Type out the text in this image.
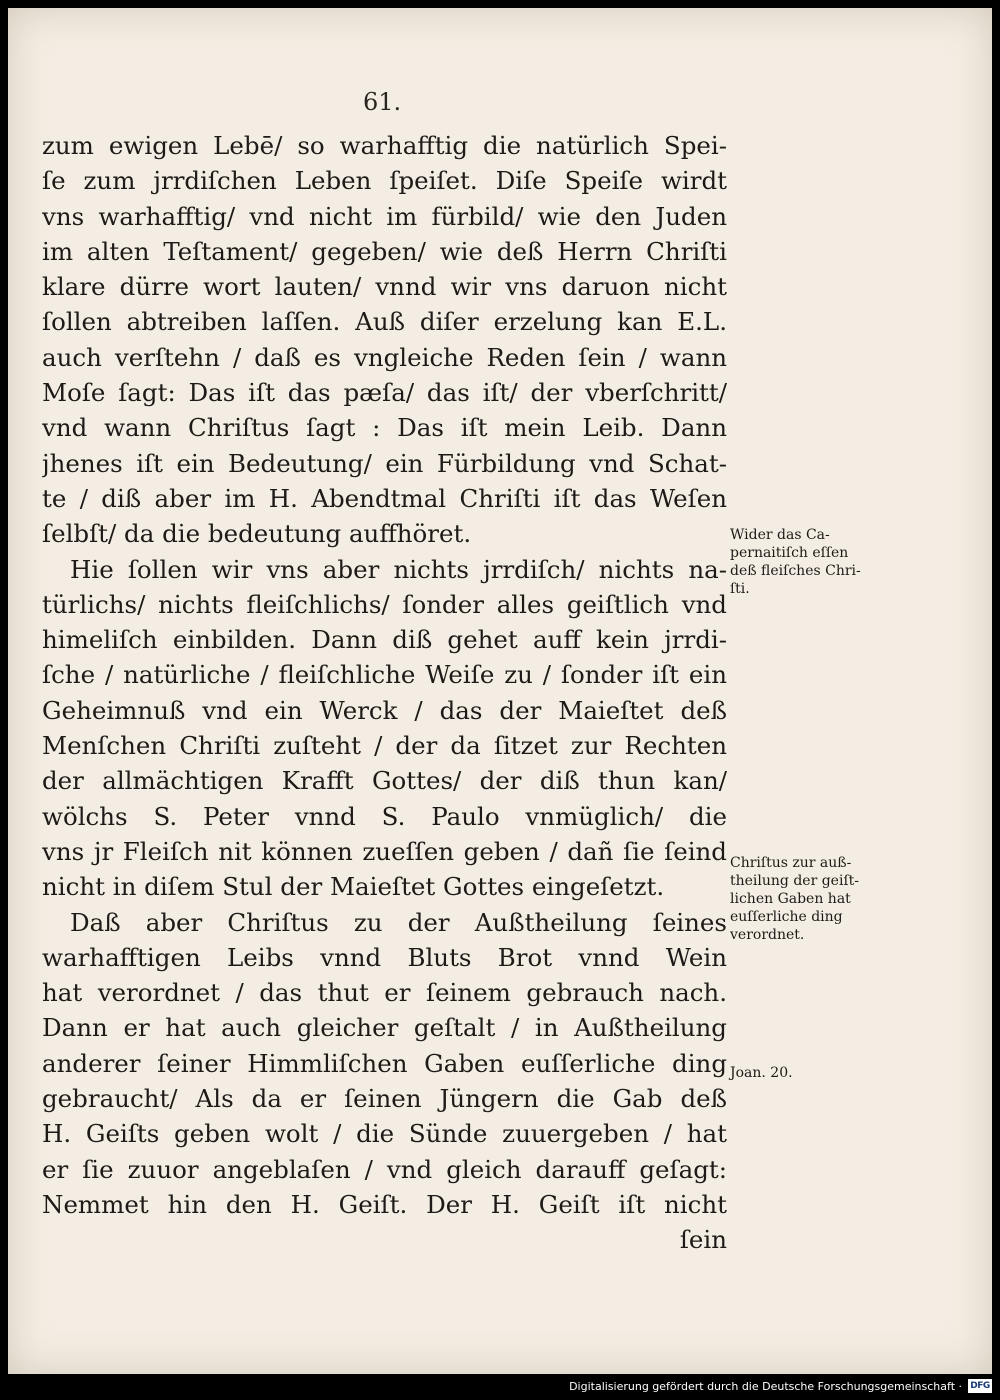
61.
zum ewigen Lebē/ so warhafftig die natürlich Spei-
ſe zum jrrdiſchen Leben ſpeiſet. Diſe Speiſe wirdt
vns warhafftig/ vnd nicht im fürbild/ wie den Juden
im alten Teſtament/ gegeben/ wie deß Herrn Chriſti
klare dürre wort lauten/ vnnd wir vns daruon nicht
ſollen abtreiben laſſen. Auß diſer erzelung kan E.L.
auch verſtehn / daß es vngleiche Reden ſein / wann
Moſe ſagt: Das iſt das pæſa/ das iſt/ der vberſchritt/
vnd wann Chriſtus ſagt : Das iſt mein Leib. Dann
jhenes iſt ein Bedeutung/ ein Fürbildung vnd Schat-
te / diß aber im H. Abendtmal Chriſti iſt das Weſen
ſelbſt/ da die bedeutung auffhöret.
Hie ſollen wir vns aber nichts jrrdiſch/ nichts na-
türlichs/ nichts fleiſchlichs/ ſonder alles geiſtlich vnd
himeliſch einbilden. Dann diß gehet auff kein jrrdi-
ſche / natürliche / fleiſchliche Weiſe zu / ſonder iſt ein
Geheimnuß vnd ein Werck / das der Maieſtet deß
Menſchen Chriſti zuſteht / der da ſitzet zur Rechten
der allmächtigen Krafft Gottes/ der diß thun kan/
wölchs S. Peter vnnd S. Paulo vnmüglich/ die
vns jr Fleiſch nit können zueſſen geben / dañ ſie ſeind
nicht in diſem Stul der Maieſtet Gottes eingeſetzt.
Daß aber Chriſtus zu der Außtheilung ſeines
warhafftigen Leibs vnnd Bluts Brot vnnd Wein
hat verordnet / das thut er ſeinem gebrauch nach.
Dann er hat auch gleicher geſtalt / in Außtheilung
anderer ſeiner Himmliſchen Gaben euſſerliche ding
gebraucht/ Als da er ſeinen Jüngern die Gab deß
H. Geiſts geben wolt / die Sünde zuuergeben / hat
er ſie zuuor angeblaſen / vnd gleich darauff geſagt:
Nemmet hin den H. Geiſt. Der H. Geiſt iſt nicht
ſein
Wider das Ca-
pernaitiſch eſſen
deß fleiſches Chri-
ſti.
Chriſtus zur auß-
theilung der geiſt-
lichen Gaben hat
euſſerliche ding
verordnet.
Joan. 20.
Digitalisierung gefördert durch die Deutsche Forschungsgemeinschaft · DFG
